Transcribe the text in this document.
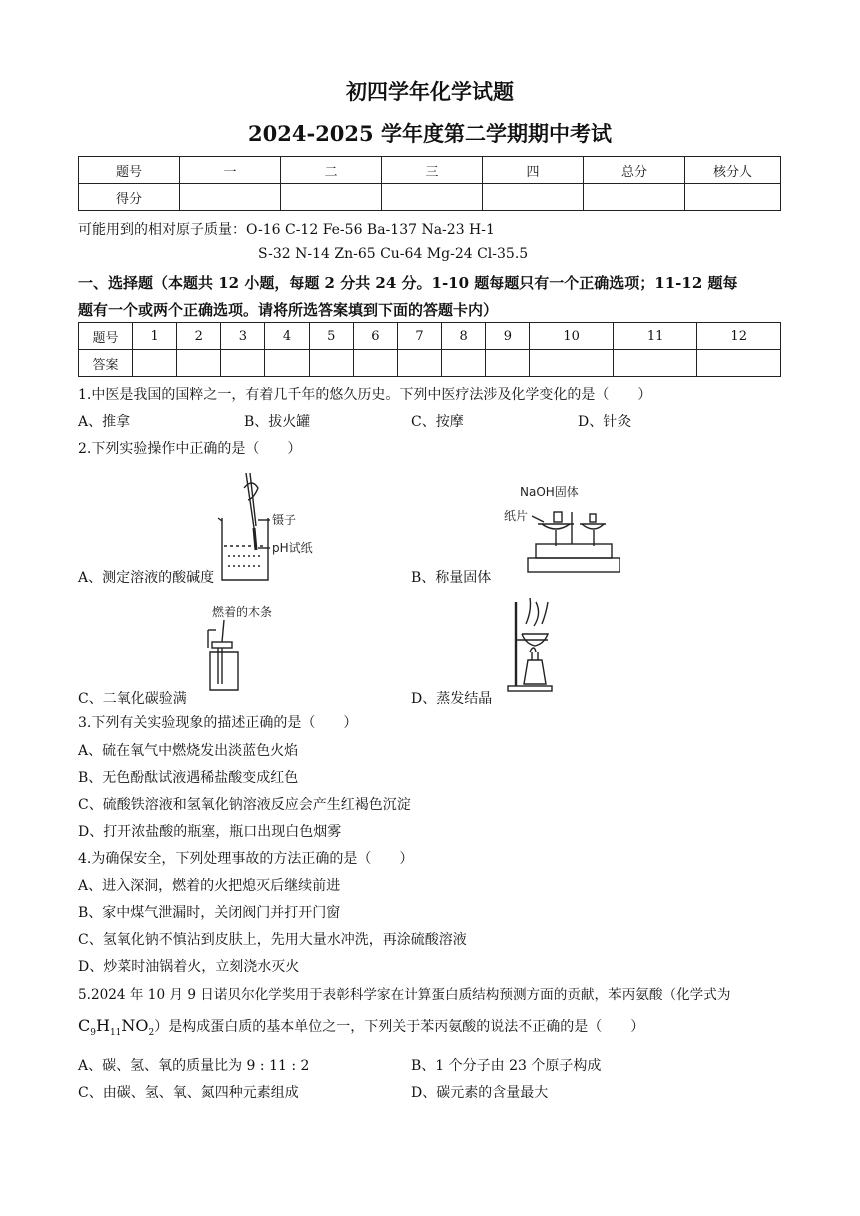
初四学年化学试题
2024-2025 学年度第二学期期中考试
题号	一	二	三	四	总分	核分人
得分						
可能用到的相对原子质量：O-16 C-12 Fe-56 Ba-137 Na-23 H-1
S-32 N-14 Zn-65 Cu-64 Mg-24 Cl-35.5
一、选择题（本题共 12 小题，每题 2 分共 24 分。1-10 题每题只有一个正确选项；11-12 题每
题有一个或两个正确选项。请将所选答案填到下面的答题卡内）
题号	1	2	3	4	5	6	7	8	9	10	11	12
答案												
1.中医是我国的国粹之一，有着几千年的悠久历史。下列中医疗法涉及化学变化的是（　　）
A、推拿	B、拔火罐	C、按摩	D、针灸
2.下列实验操作中正确的是（　　）
镊子
pH试纸
NaOH固体
纸片
A、测定溶液的酸碱度	B、称量固体
燃着的木条
C、二氧化碳验满	D、蒸发结晶
3.下列有关实验现象的描述正确的是（　　）
A、硫在氧气中燃烧发出淡蓝色火焰
B、无色酚酞试液遇稀盐酸变成红色
C、硫酸铁溶液和氢氧化钠溶液反应会产生红褐色沉淀
D、打开浓盐酸的瓶塞，瓶口出现白色烟雾
4.为确保安全，下列处理事故的方法正确的是（　　）
A、进入深洞，燃着的火把熄灭后继续前进
B、家中煤气泄漏时，关闭阀门并打开门窗
C、氢氧化钠不慎沾到皮肤上，先用大量水冲洗，再涂硫酸溶液
D、炒菜时油锅着火，立刻浇水灭火
5.2024 年 10 月 9 日诺贝尔化学奖用于表彰科学家在计算蛋白质结构预测方面的贡献，苯丙氨酸（化学式为
$C_9H_{11}NO_2$）是构成蛋白质的基本单位之一，下列关于苯丙氨酸的说法不正确的是（　　）
A、碳、氢、氧的质量比为 9 : 11 : 2	B、1 个分子由 23 个原子构成
C、由碳、氢、氧、氮四种元素组成	D、碳元素的含量最大
